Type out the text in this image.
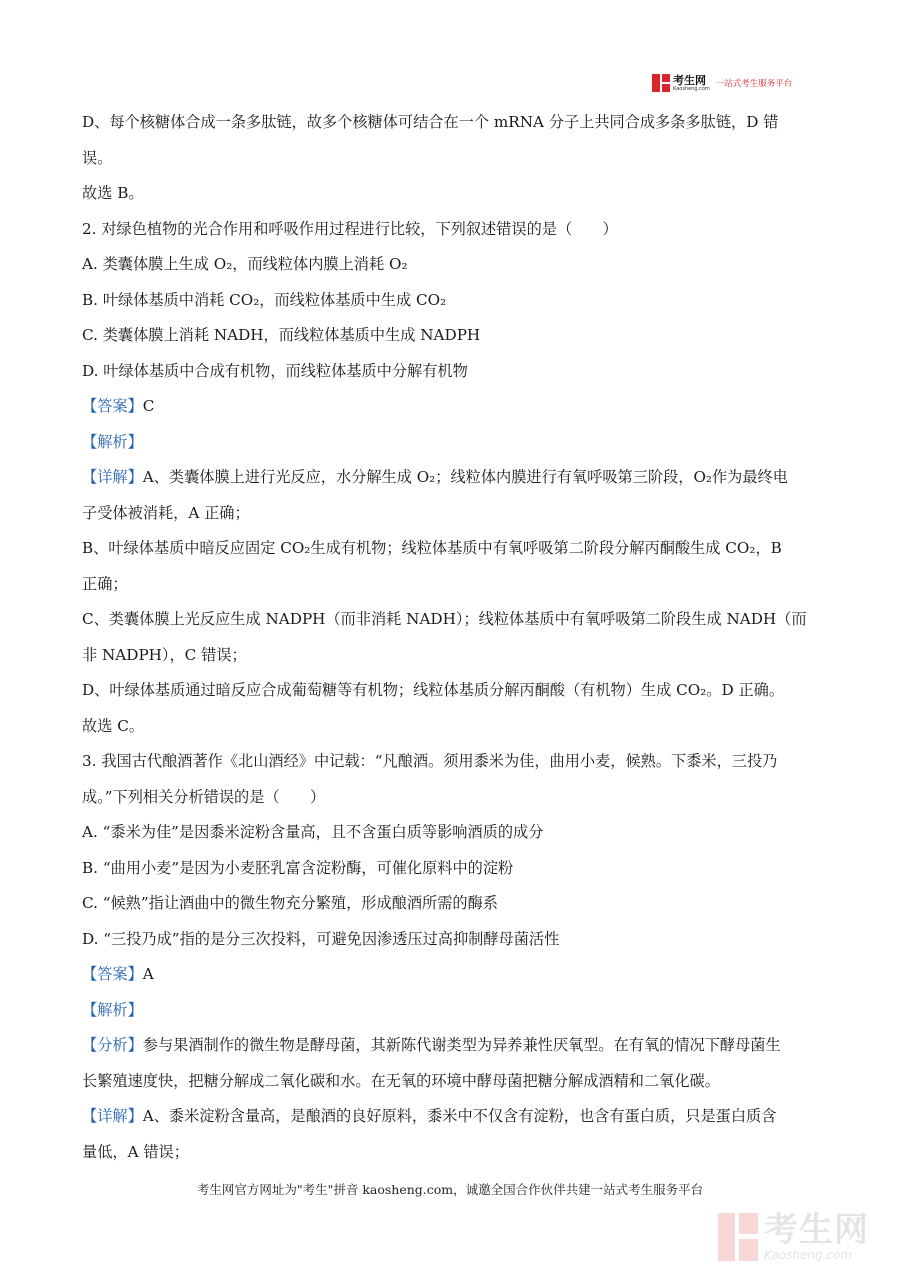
考生网
Kaosheng.com 一站式考生服务平台
D、每个核糖体合成一条多肽链，故多个核糖体可结合在一个 mRNA 分子上共同合成多条多肽链，D 错
误。
故选 B。
2. 对绿色植物的光合作用和呼吸作用过程进行比较，下列叙述错误的是（　　）
A. 类囊体膜上生成 O₂，而线粒体内膜上消耗 O₂
B. 叶绿体基质中消耗 CO₂，而线粒体基质中生成 CO₂
C. 类囊体膜上消耗 NADH，而线粒体基质中生成 NADPH
D. 叶绿体基质中合成有机物，而线粒体基质中分解有机物
【答案】C
【解析】
【详解】A、类囊体膜上进行光反应，水分解生成 O₂；线粒体内膜进行有氧呼吸第三阶段，O₂作为最终电
子受体被消耗，A 正确；
B、叶绿体基质中暗反应固定 CO₂生成有机物；线粒体基质中有氧呼吸第二阶段分解丙酮酸生成 CO₂，B
正确；
C、类囊体膜上光反应生成 NADPH（而非消耗 NADH）；线粒体基质中有氧呼吸第二阶段生成 NADH（而
非 NADPH），C 错误；
D、叶绿体基质通过暗反应合成葡萄糖等有机物；线粒体基质分解丙酮酸（有机物）生成 CO₂。D 正确。
故选 C。
3. 我国古代酿酒著作《北山酒经》中记载：“凡酿酒。须用黍米为佳，曲用小麦，候熟。下黍米，三投乃
成。”下列相关分析错误的是（　　）
A. “黍米为佳”是因黍米淀粉含量高，且不含蛋白质等影响酒质的成分
B. “曲用小麦”是因为小麦胚乳富含淀粉酶，可催化原料中的淀粉
C. “候熟”指让酒曲中的微生物充分繁殖，形成酿酒所需的酶系
D. “三投乃成”指的是分三次投料，可避免因渗透压过高抑制酵母菌活性
【答案】A
【解析】
【分析】参与果酒制作的微生物是酵母菌，其新陈代谢类型为异养兼性厌氧型。在有氧的情况下酵母菌生
长繁殖速度快，把糖分解成二氧化碳和水。在无氧的环境中酵母菌把糖分解成酒精和二氧化碳。
【详解】A、黍米淀粉含量高，是酿酒的良好原料，黍米中不仅含有淀粉，也含有蛋白质，只是蛋白质含
量低，A 错误；
考生网官方网址为"考生"拼音 kaosheng.com，诚邀全国合作伙伴共建一站式考生服务平台
考生网
Kaosheng.com
